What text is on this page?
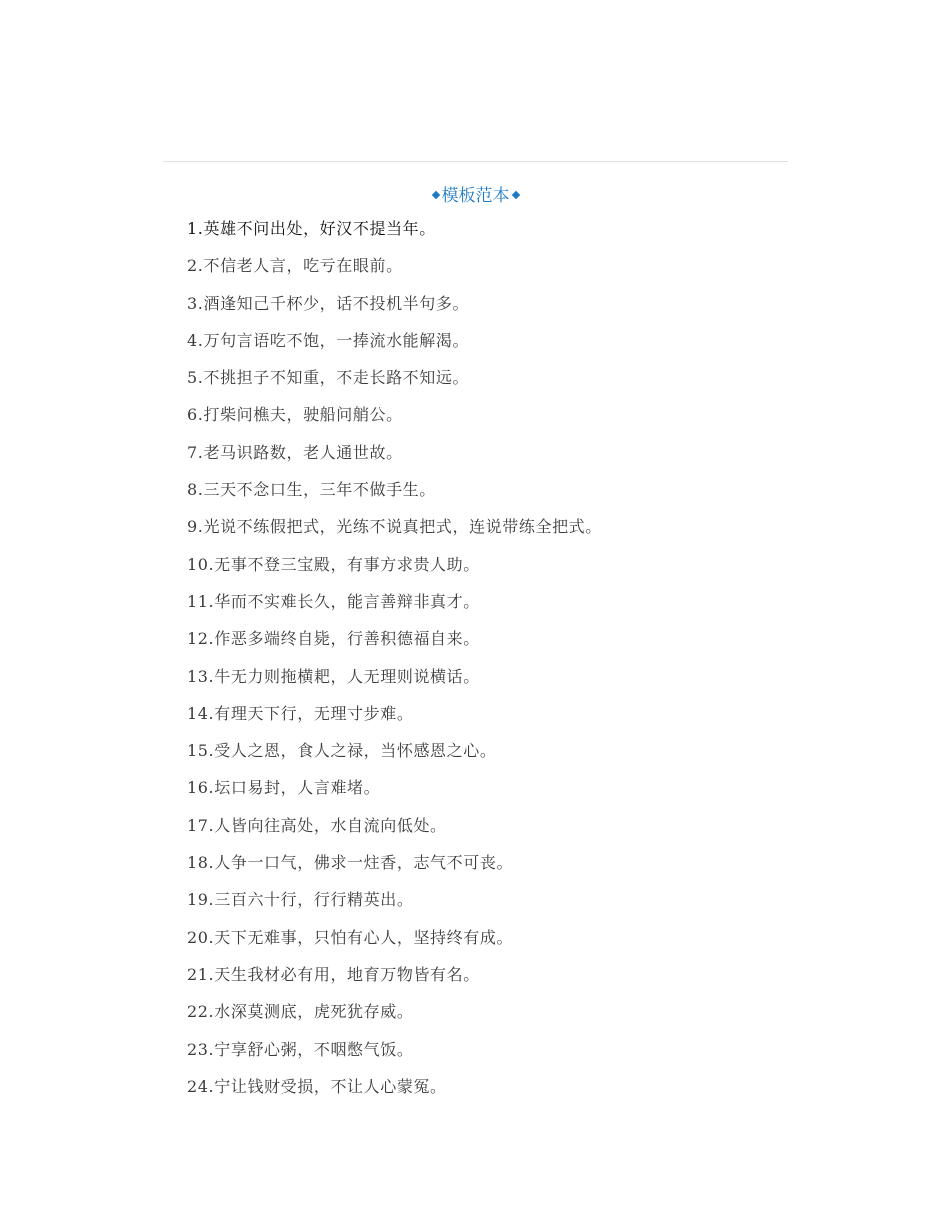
模板范本
1.英雄不问出处，好汉不提当年。
2.不信老人言，吃亏在眼前。
3.酒逢知己千杯少，话不投机半句多。
4.万句言语吃不饱，一捧流水能解渴。
5.不挑担子不知重，不走长路不知远。
6.打柴问樵夫，驶船问艄公。
7.老马识路数，老人通世故。
8.三天不念口生，三年不做手生。
9.光说不练假把式，光练不说真把式，连说带练全把式。
10.无事不登三宝殿，有事方求贵人助。
11.华而不实难长久，能言善辩非真才。
12.作恶多端终自毙，行善积德福自来。
13.牛无力则拖横耙，人无理则说横话。
14.有理天下行，无理寸步难。
15.受人之恩，食人之禄，当怀感恩之心。
16.坛口易封，人言难堵。
17.人皆向往高处，水自流向低处。
18.人争一口气，佛求一炷香，志气不可丧。
19.三百六十行，行行精英出。
20.天下无难事，只怕有心人，坚持终有成。
21.天生我材必有用，地育万物皆有名。
22.水深莫测底，虎死犹存威。
23.宁享舒心粥，不咽憋气饭。
24.宁让钱财受损，不让人心蒙冤。
